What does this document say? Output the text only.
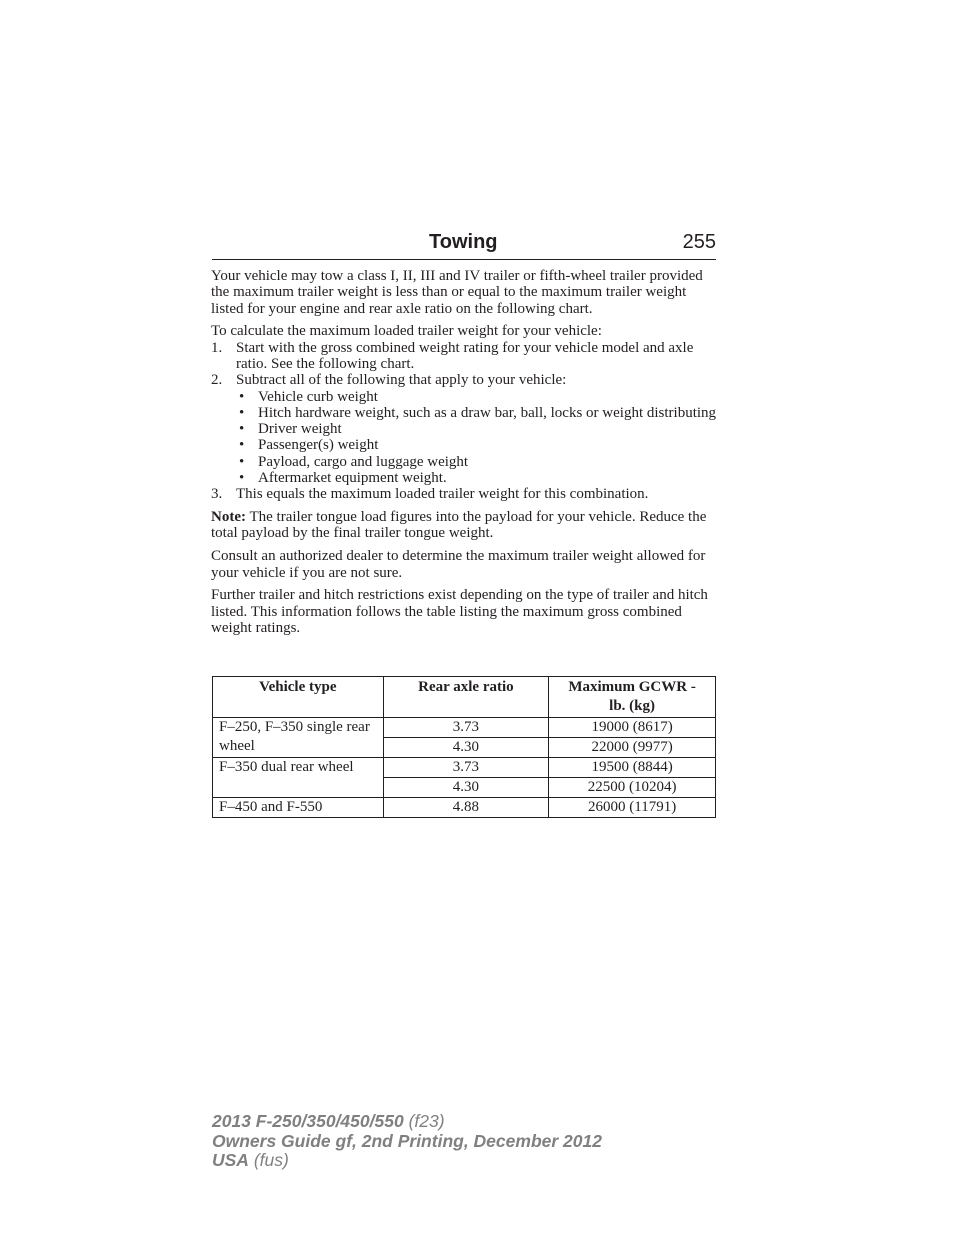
Towing	255

Your vehicle may tow a class I, II, III and IV trailer or fifth-wheel trailer provided the maximum trailer weight is less than or equal to the maximum trailer weight listed for your engine and rear axle ratio on the following chart.

To calculate the maximum loaded trailer weight for your vehicle:
1. Start with the gross combined weight rating for your vehicle model and axle ratio. See the following chart.
2. Subtract all of the following that apply to your vehicle:
• Vehicle curb weight
• Hitch hardware weight, such as a draw bar, ball, locks or weight distributing
• Driver weight
• Passenger(s) weight
• Payload, cargo and luggage weight
• Aftermarket equipment weight.
3. This equals the maximum loaded trailer weight for this combination.

Note: The trailer tongue load figures into the payload for your vehicle. Reduce the total payload by the final trailer tongue weight.

Consult an authorized dealer to determine the maximum trailer weight allowed for your vehicle if you are not sure.

Further trailer and hitch restrictions exist depending on the type of trailer and hitch listed. This information follows the table listing the maximum gross combined weight ratings.

Vehicle type	Rear axle ratio	Maximum GCWR - lb. (kg)
F–250, F–350 single rear wheel	3.73	19000 (8617)
	4.30	22000 (9977)
F–350 dual rear wheel	3.73	19500 (8844)
	4.30	22500 (10204)
F–450 and F-550	4.88	26000 (11791)
2013 F-250/350/450/550 (f23)
Owners Guide gf, 2nd Printing, December 2012
USA (fus)
